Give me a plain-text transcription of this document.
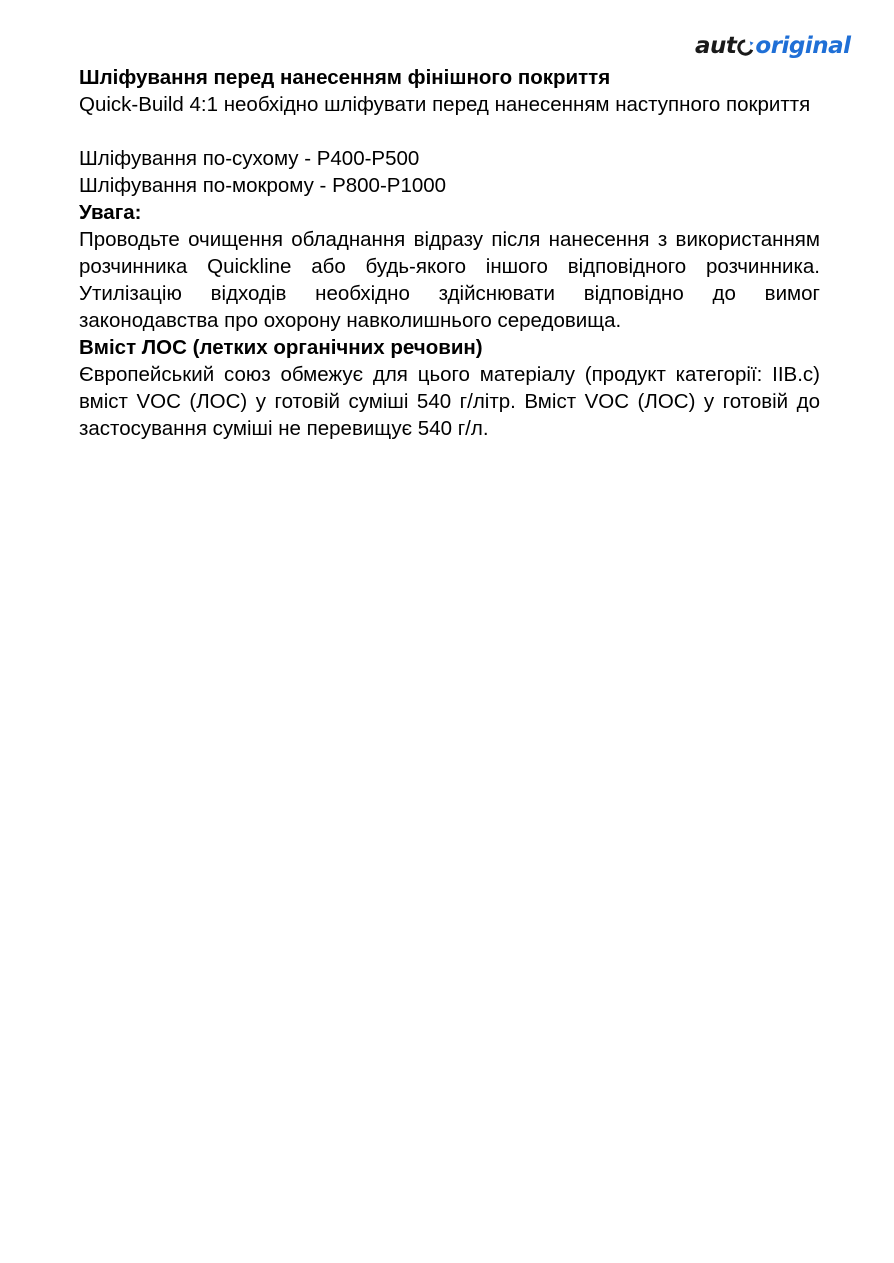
aut original

Шліфування перед нанесенням фінішного покриття

Quick-Build 4:1 необхідно шліфувати перед нанесенням наступного покриття

Шліфування по-сухому - P400-P500

Шліфування по-мокрому - P800-P1000

Увага:

Проводьте очищення обладнання відразу після нанесення з використанням розчинника Quickline або будь-якого іншого відповідного розчинника. Утилізацію відходів необхідно здійснювати відповідно до вимог законодавства про охорону навколишнього середовища.

Вміст ЛОС (летких органічних речовин)

Європейський союз обмежує для цього матеріалу (продукт категорії: IIB.c) вміст VOC (ЛОС) у готовій суміші 540 г/літр. Вміст VOC (ЛОС) у готовій до застосування суміші не перевищує 540 г/л.
